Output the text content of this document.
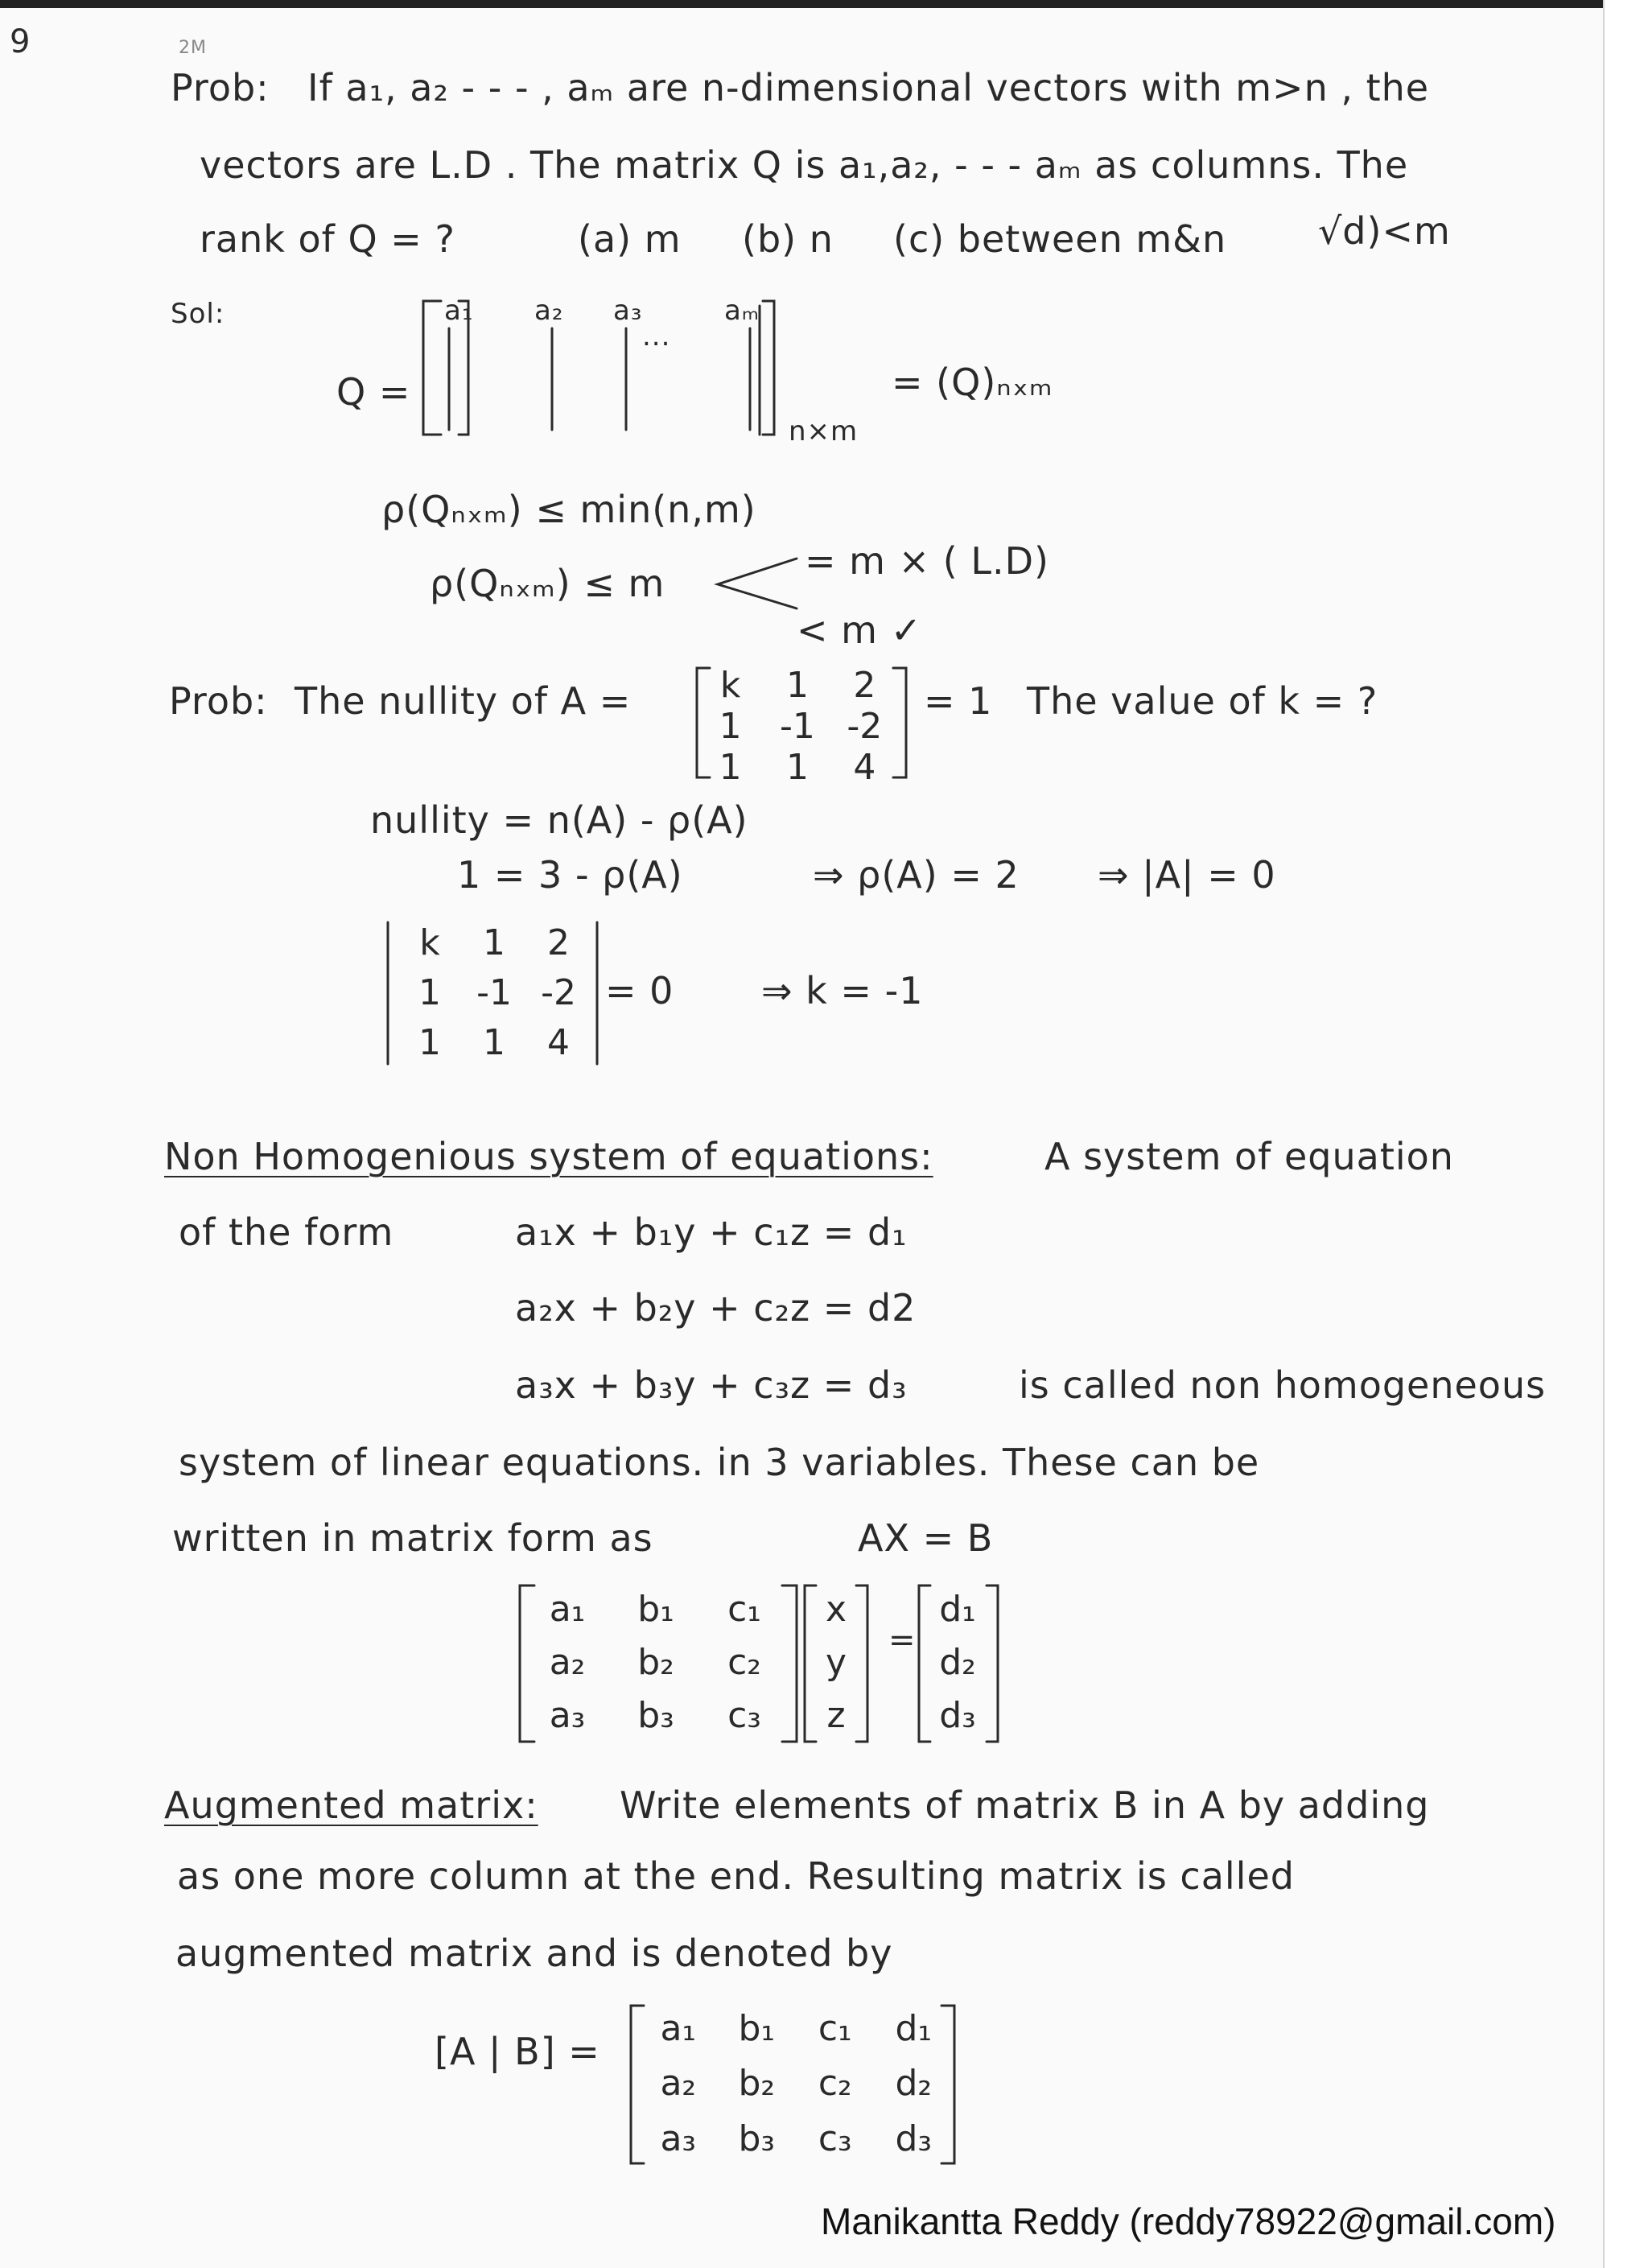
9	2M
Prob: If a₁, a₂ - - - , aₘ are n-dimensional vectors with m>n , the
vectors are L.D . The matrix Q is a₁,a₂, - - - aₘ as columns. The
rank of Q = ?	(a) m (b) n (c) between m&n √d)<m
Sol:	a₁ a₂ a₃	aₘ
...
Q =
n×m
= (Q)ₙₓₘ
ρ(Qₙₓₘ) ≤ min(n,m)
ρ(Qₙₓₘ) ≤ m
= m × ( L.D)
< m ✓
Prob: The nullity of A =	k 1 2
1 -1 -2
1 1 4
= 1 The value of k = ?
nullity = n(A) - ρ(A)
1 = 3 - ρ(A)	⇒ ρ(A) = 2 ⇒ |A| = 0
k 1 2
1 -1 -2
1 1 4
= 0 ⇒ k = -1
Non Homogenious system of equations:	A system of equation
of the form	a₁x + b₁y + c₁z = d₁
a₂x + b₂y + c₂z = d2
a₃x + b₃y + c₃z = d₃	is called non homogeneous
system of linear equations. in 3 variables. These can be
written in matrix form as	AX = B
a₁ b₁ c₁
a₂ b₂ c₂
a₃ b₃ c₃
x
y
z
=
d₁
d₂
d₃
Augmented matrix: Write elements of matrix B in A by adding
as one more column at the end. Resulting matrix is called
augmented matrix and is denoted by
[A | B] =
a₁ b₁ c₁ d₁
a₂ b₂ c₂ d₂
a₃ b₃ c₃ d₃
Manikantta Reddy (reddy78922@gmail.com)
